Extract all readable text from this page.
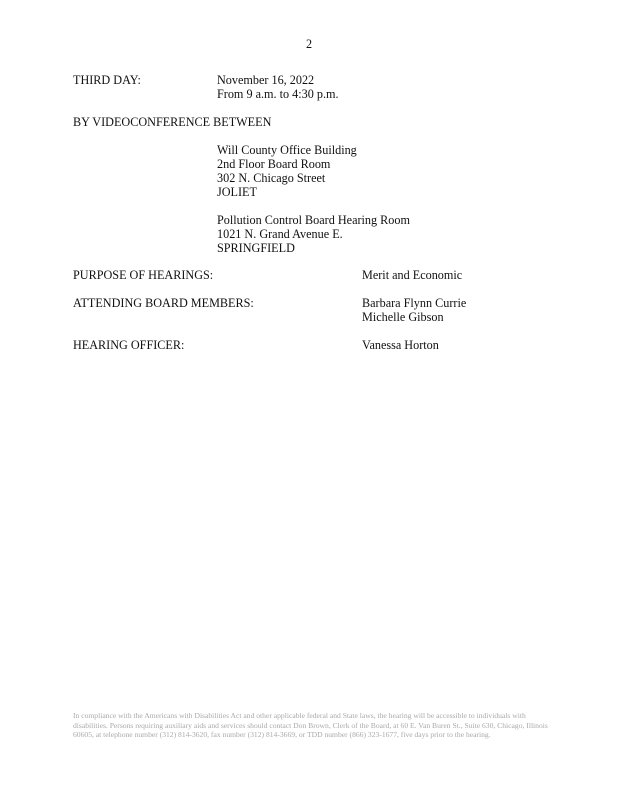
2
THIRD DAY:	November 16, 2022
From 9 a.m. to 4:30 p.m.
BY VIDEOCONFERENCE BETWEEN
Will County Office Building
2nd Floor Board Room
302 N. Chicago Street
JOLIET
Pollution Control Board Hearing Room
1021 N. Grand Avenue E.
SPRINGFIELD
PURPOSE OF HEARINGS:	Merit and Economic
ATTENDING BOARD MEMBERS:	Barbara Flynn Currie
Michelle Gibson
HEARING OFFICER:	Vanessa Horton
In compliance with the Americans with Disabilities Act and other applicable federal and State laws, the hearing will be accessible to individuals with disabilities. Persons requiring auxiliary aids and services should contact Don Brown, Clerk of the Board, at 60 E. Van Buren St., Suite 630, Chicago, Illinois 60605, at telephone number (312) 814-3620, fax number (312) 814-3669, or TDD number (866) 323-1677, five days prior to the hearing.
